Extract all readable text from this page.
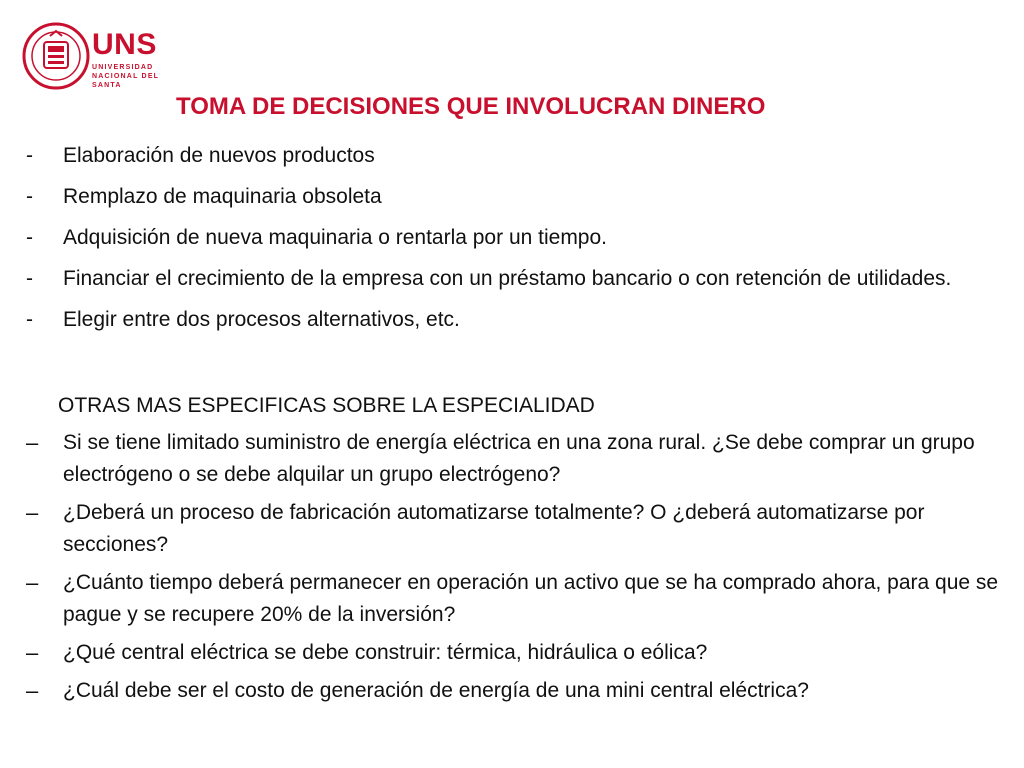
UNS
UNIVERSIDAD
NACIONAL DEL SANTA
TOMA DE DECISIONES QUE INVOLUCRAN DINERO
-	Elaboración de nuevos productos
-	Remplazo de maquinaria obsoleta
-	Adquisición de nueva maquinaria o rentarla por un tiempo.
-	Financiar el crecimiento de la empresa con un préstamo bancario o con retención de utilidades.
-	Elegir entre dos procesos alternativos, etc.
OTRAS MAS ESPECIFICAS SOBRE LA ESPECIALIDAD
–	Si se tiene limitado suministro de energía eléctrica en una zona rural. ¿Se debe comprar un grupo electrógeno o se debe alquilar un grupo electrógeno?
–	¿Deberá un proceso de fabricación automatizarse totalmente? O ¿deberá automatizarse por secciones?
–	¿Cuánto tiempo deberá permanecer en operación un activo que se ha comprado ahora, para que se pague y se recupere 20% de la inversión?
–	¿Qué central eléctrica se debe construir: térmica, hidráulica o eólica?
–	¿Cuál debe ser el costo de generación de energía de una mini central eléctrica?
